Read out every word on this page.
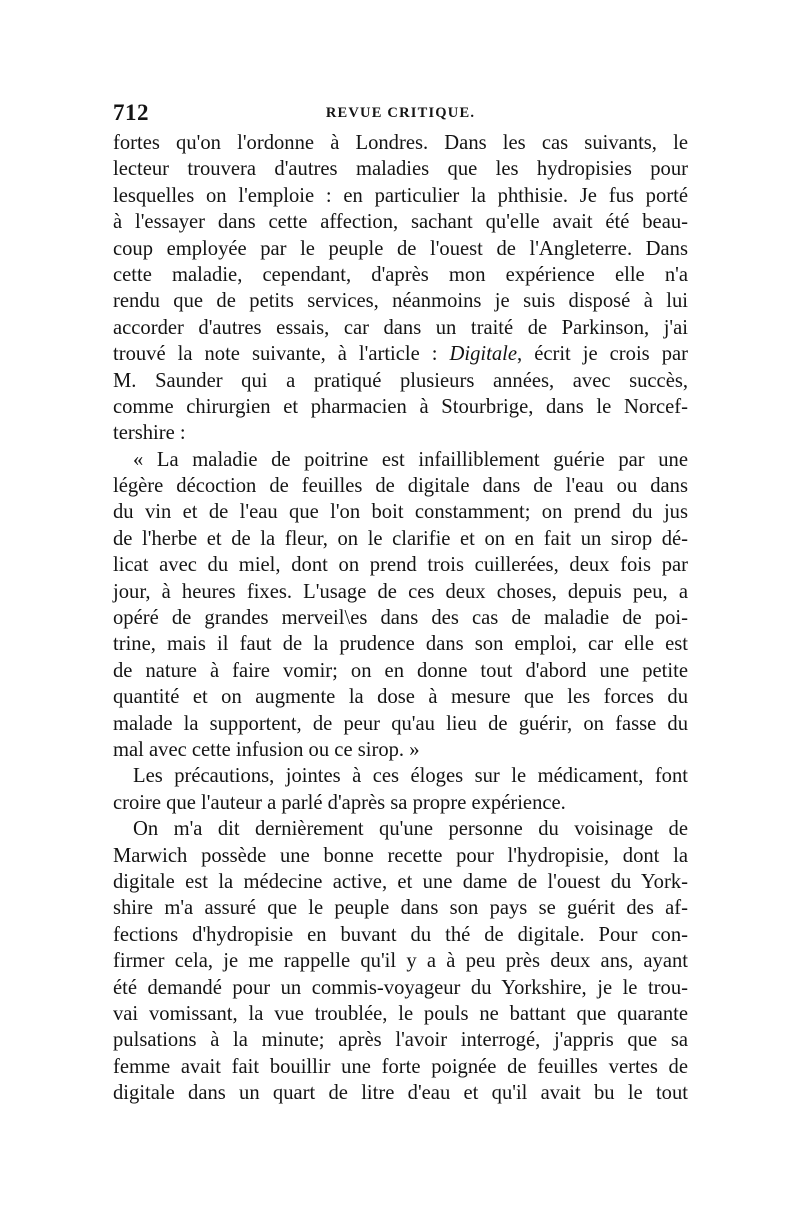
712	REVUE CRITIQUE.

fortes qu'on l'ordonne à Londres. Dans les cas suivants, le
lecteur trouvera d'autres maladies que les hydropisies pour
lesquelles on l'emploie : en particulier la phthisie. Je fus porté
à l'essayer dans cette affection, sachant qu'elle avait été beau-
coup employée par le peuple de l'ouest de l'Angleterre. Dans
cette maladie, cependant, d'après mon expérience elle n'a
rendu que de petits services, néanmoins je suis disposé à lui
accorder d'autres essais, car dans un traité de Parkinson, j'ai
trouvé la note suivante, à l'article : Digitale, écrit je crois par
M. Saunder qui a pratiqué plusieurs années, avec succès,
comme chirurgien et pharmacien à Stourbrige, dans le Norcef-
tershire :

« La maladie de poitrine est infailliblement guérie par une
légère décoction de feuilles de digitale dans de l'eau ou dans
du vin et de l'eau que l'on boit constamment; on prend du jus
de l'herbe et de la fleur, on le clarifie et on en fait un sirop dé-
licat avec du miel, dont on prend trois cuillerées, deux fois par
jour, à heures fixes. L'usage de ces deux choses, depuis peu, a
opéré de grandes merveil\es dans des cas de maladie de poi-
trine, mais il faut de la prudence dans son emploi, car elle est
de nature à faire vomir; on en donne tout d'abord une petite
quantité et on augmente la dose à mesure que les forces du
malade la supportent, de peur qu'au lieu de guérir, on fasse du
mal avec cette infusion ou ce sirop. »

Les précautions, jointes à ces éloges sur le médicament, font
croire que l'auteur a parlé d'après sa propre expérience.

On m'a dit dernièrement qu'une personne du voisinage de
Marwich possède une bonne recette pour l'hydropisie, dont la
digitale est la médecine active, et une dame de l'ouest du York-
shire m'a assuré que le peuple dans son pays se guérit des af-
fections d'hydropisie en buvant du thé de digitale. Pour con-
firmer cela, je me rappelle qu'il y a à peu près deux ans, ayant
été demandé pour un commis-voyageur du Yorkshire, je le trou-
vai vomissant, la vue troublée, le pouls ne battant que quarante
pulsations à la minute; après l'avoir interrogé, j'appris que sa
femme avait fait bouillir une forte poignée de feuilles vertes de
digitale dans un quart de litre d'eau et qu'il avait bu le tout
